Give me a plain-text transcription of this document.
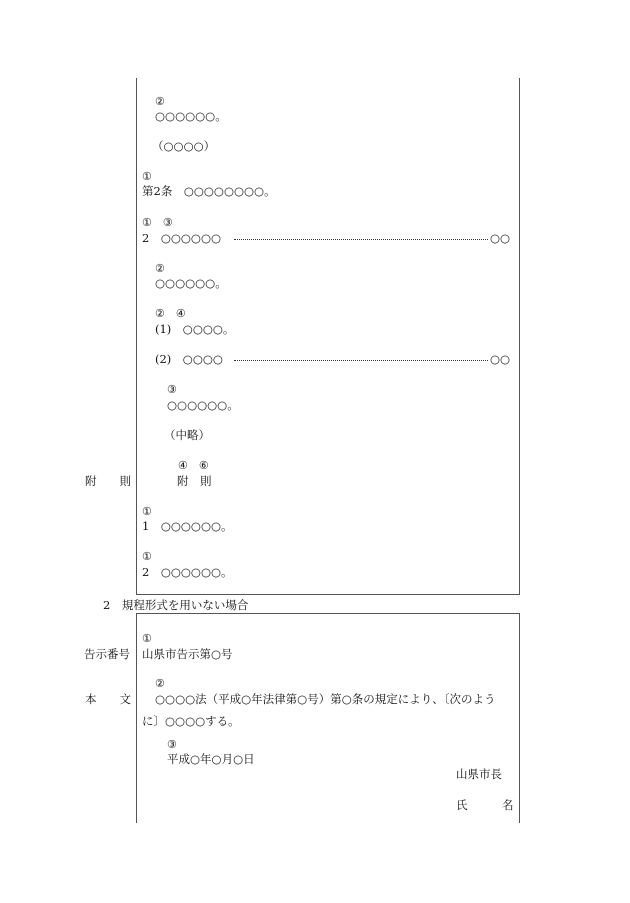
②
○○○○○○。
（○○○○）
①
第2条　○○○○○○○○。
①　③
2　○○○○○○	○○
②
○○○○○○。
②　④
(1)　○○○○。
(2)　○○○○	○○
③
○○○○○○。
（中略）
④　⑥
附　則
①
1　○○○○○○。
①
2　○○○○○○。
附　　則
告示番号
本　　文
2　規程形式を用いない場合
①
山県市告示第○号
②
○○○○法（平成○年法律第○号）第○条の規定により、〔次のよう
に〕○○○○する。
③
平成○年○月○日
山県市長
氏　　　名
